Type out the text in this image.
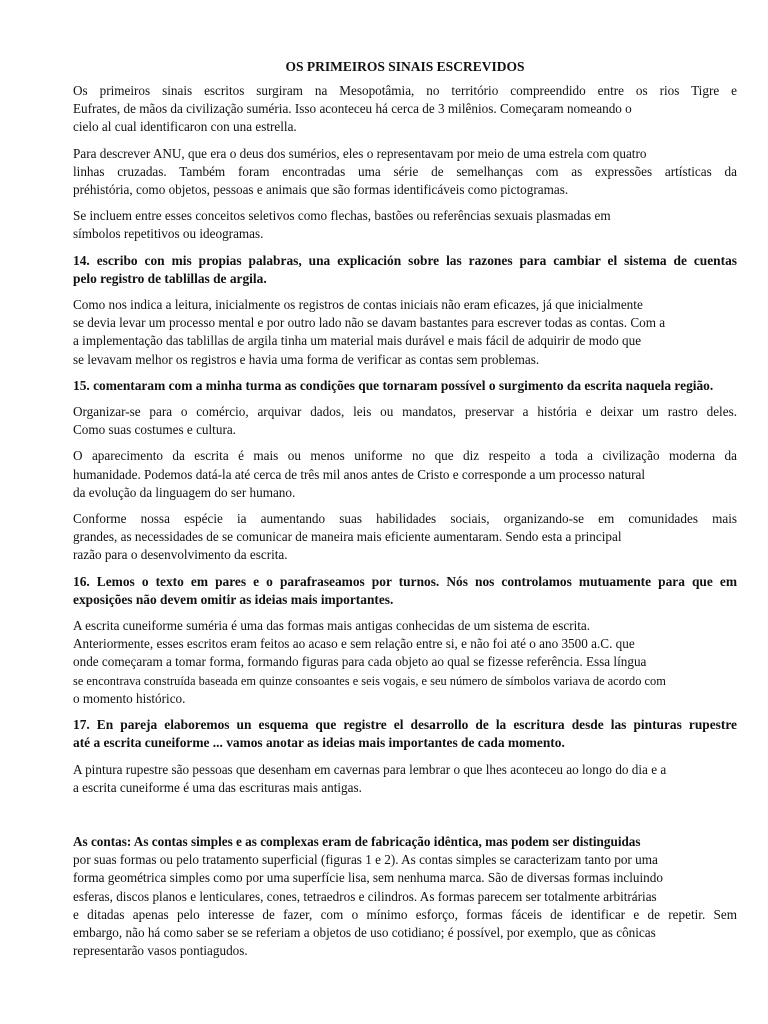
OS PRIMEIROS SINAIS ESCREVIDOS
Os primeiros sinais escritos surgiram na Mesopotâmia, no território compreendido entre os rios Tigre e
Eufrates, de mãos da civilização suméria. Isso aconteceu há cerca de 3 milênios. Começaram nomeando o
cielo al cual identificaron con una estrella.
Para descrever ANU, que era o deus dos sumérios, eles o representavam por meio de uma estrela com quatro
linhas cruzadas. Também foram encontradas uma série de semelhanças com as expressões artísticas da
préhistória, como objetos, pessoas e animais que são formas identificáveis como pictogramas.
Se incluem entre esses conceitos seletivos como flechas, bastões ou referências sexuais plasmadas em
símbolos repetitivos ou ideogramas.
14. escribo con mis propias palabras, una explicación sobre las razones para cambiar el sistema de cuentas
pelo registro de tablillas de argila.
Como nos indica a leitura, inicialmente os registros de contas iniciais não eram eficazes, já que inicialmente
se devia levar um processo mental e por outro lado não se davam bastantes para escrever todas as contas. Com a
a implementação das tablillas de argila tinha um material mais durável e mais fácil de adquirir de modo que
se levavam melhor os registros e havia uma forma de verificar as contas sem problemas.
15. comentaram com a minha turma as condições que tornaram possível o surgimento da escrita naquela região.
Organizar-se para o comércio, arquivar dados, leis ou mandatos, preservar a história e deixar um rastro deles.
Como suas costumes e cultura.
O aparecimento da escrita é mais ou menos uniforme no que diz respeito a toda a civilização moderna da
humanidade. Podemos datá-la até cerca de três mil anos antes de Cristo e corresponde a um processo natural
da evolução da linguagem do ser humano.
Conforme nossa espécie ia aumentando suas habilidades sociais, organizando-se em comunidades mais
grandes, as necessidades de se comunicar de maneira mais eficiente aumentaram. Sendo esta a principal
razão para o desenvolvimento da escrita.
16. Lemos o texto em pares e o parafraseamos por turnos. Nós nos controlamos mutuamente para que em
exposições não devem omitir as ideias mais importantes.
A escrita cuneiforme suméria é uma das formas mais antigas conhecidas de um sistema de escrita.
Anteriormente, esses escritos eram feitos ao acaso e sem relação entre si, e não foi até o ano 3500 a.C. que
onde começaram a tomar forma, formando figuras para cada objeto ao qual se fizesse referência. Essa língua
se encontrava construída baseada em quinze consoantes e seis vogais, e seu número de símbolos variava de acordo com
o momento histórico.
17. En pareja elaboremos un esquema que registre el desarrollo de la escritura desde las pinturas rupestre
até a escrita cuneiforme ... vamos anotar as ideias mais importantes de cada momento.
A pintura rupestre são pessoas que desenham em cavernas para lembrar o que lhes aconteceu ao longo do dia e a
a escrita cuneiforme é uma das escrituras mais antigas.
As contas: As contas simples e as complexas eram de fabricação idêntica, mas podem ser distinguidas
por suas formas ou pelo tratamento superficial (figuras 1 e 2). As contas simples se caracterizam tanto por uma
forma geométrica simples como por uma superfície lisa, sem nenhuma marca. São de diversas formas incluindo
esferas, discos planos e lenticulares, cones, tetraedros e cilindros. As formas parecem ser totalmente arbitrárias
e ditadas apenas pelo interesse de fazer, com o mínimo esforço, formas fáceis de identificar e de repetir. Sem
embargo, não há como saber se se referiam a objetos de uso cotidiano; é possível, por exemplo, que as cônicas
representarão vasos pontiagudos.
